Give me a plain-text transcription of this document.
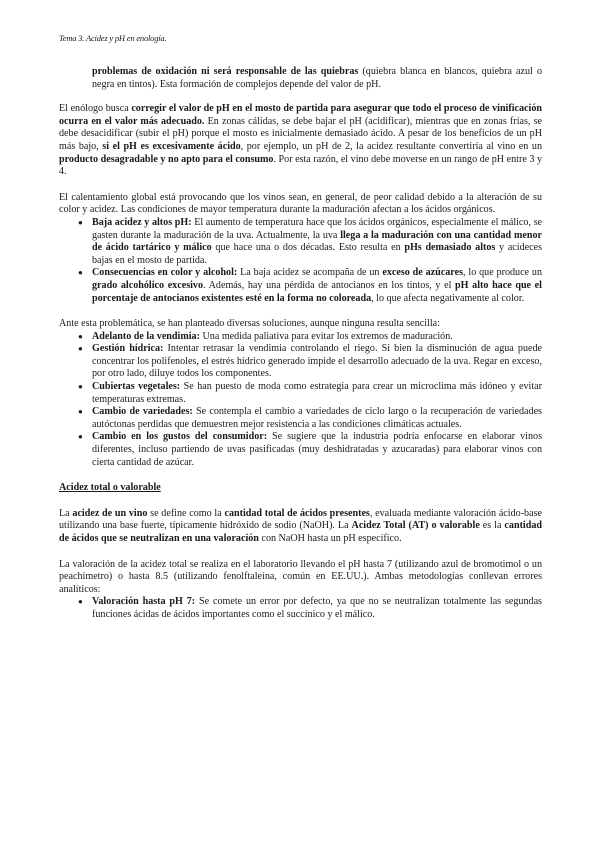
Tema 3. Acidez y pH en enología.

problemas de oxidación ni será responsable de las quiebras (quiebra blanca en blancos, quiebra azul o negra en tintos). Esta formación de complejos depende del valor de pH.

El enólogo busca corregir el valor de pH en el mosto de partida para asegurar que todo el proceso de vinificación ocurra en el valor más adecuado. En zonas cálidas, se debe bajar el pH (acidificar), mientras que en zonas frías, se debe desacidificar (subir el pH) porque el mosto es inicialmente demasiado ácido. A pesar de los beneficios de un pH más bajo, si el pH es excesivamente ácido, por ejemplo, un pH de 2, la acidez resultante convertiría al vino en un producto desagradable y no apto para el consumo. Por esta razón, el vino debe moverse en un rango de pH entre 3 y 4.

El calentamiento global está provocando que los vinos sean, en general, de peor calidad debido a la alteración de su color y acidez. Las condiciones de mayor temperatura durante la maduración afectan a los ácidos orgánicos.

● Baja acidez y altos pH: El aumento de temperatura hace que los ácidos orgánicos, especialmente el málico, se gasten durante la maduración de la uva. Actualmente, la uva llega a la maduración con una cantidad menor de ácido tartárico y málico que hace una o dos décadas. Esto resulta en pHs demasiado altos y acideces bajas en el mosto de partida.
● Consecuencias en color y alcohol: La baja acidez se acompaña de un exceso de azúcares, lo que produce un grado alcohólico excesivo. Además, hay una pérdida de antocianos en los tintos, y el pH alto hace que el porcentaje de antocianos existentes esté en la forma no coloreada, lo que afecta negativamente al color.

Ante esta problemática, se han planteado diversas soluciones, aunque ninguna resulta sencilla:

● Adelanto de la vendimia: Una medida paliativa para evitar los extremos de maduración.
● Gestión hídrica: Intentar retrasar la vendimia controlando el riego. Si bien la disminución de agua puede concentrar los polifenoles, el estrés hídrico generado impide el desarrollo adecuado de la uva. Regar en exceso, por otro lado, diluye todos los componentes.
● Cubiertas vegetales: Se han puesto de moda como estrategia para crear un microclima más idóneo y evitar temperaturas extremas.
● Cambio de variedades: Se contempla el cambio a variedades de ciclo largo o la recuperación de variedades autóctonas perdidas que demuestren mejor resistencia a las condiciones climáticas actuales.
● Cambio en los gustos del consumidor: Se sugiere que la industria podría enfocarse en elaborar vinos diferentes, incluso partiendo de uvas pasificadas (muy deshidratadas y azucaradas) para elaborar vinos con cierta cantidad de azúcar.
Acidez total o valorable

La acidez de un vino se define como la cantidad total de ácidos presentes, evaluada mediante valoración ácido-base utilizando una base fuerte, típicamente hidróxido de sodio (NaOH). La Acidez Total (AT) o valorable es la cantidad de ácidos que se neutralizan en una valoración con NaOH hasta un pH específico.

La valoración de la acidez total se realiza en el laboratorio llevando el pH hasta 7 (utilizando azul de bromotimol o un peachímetro) o hasta 8.5 (utilizando fenolftaleína, común en EE.UU.). Ambas metodologías conllevan errores analíticos:

● Valoración hasta pH 7: Se comete un error por defecto, ya que no se neutralizan totalmente las segundas funciones ácidas de ácidos importantes como el succínico y el málico.
